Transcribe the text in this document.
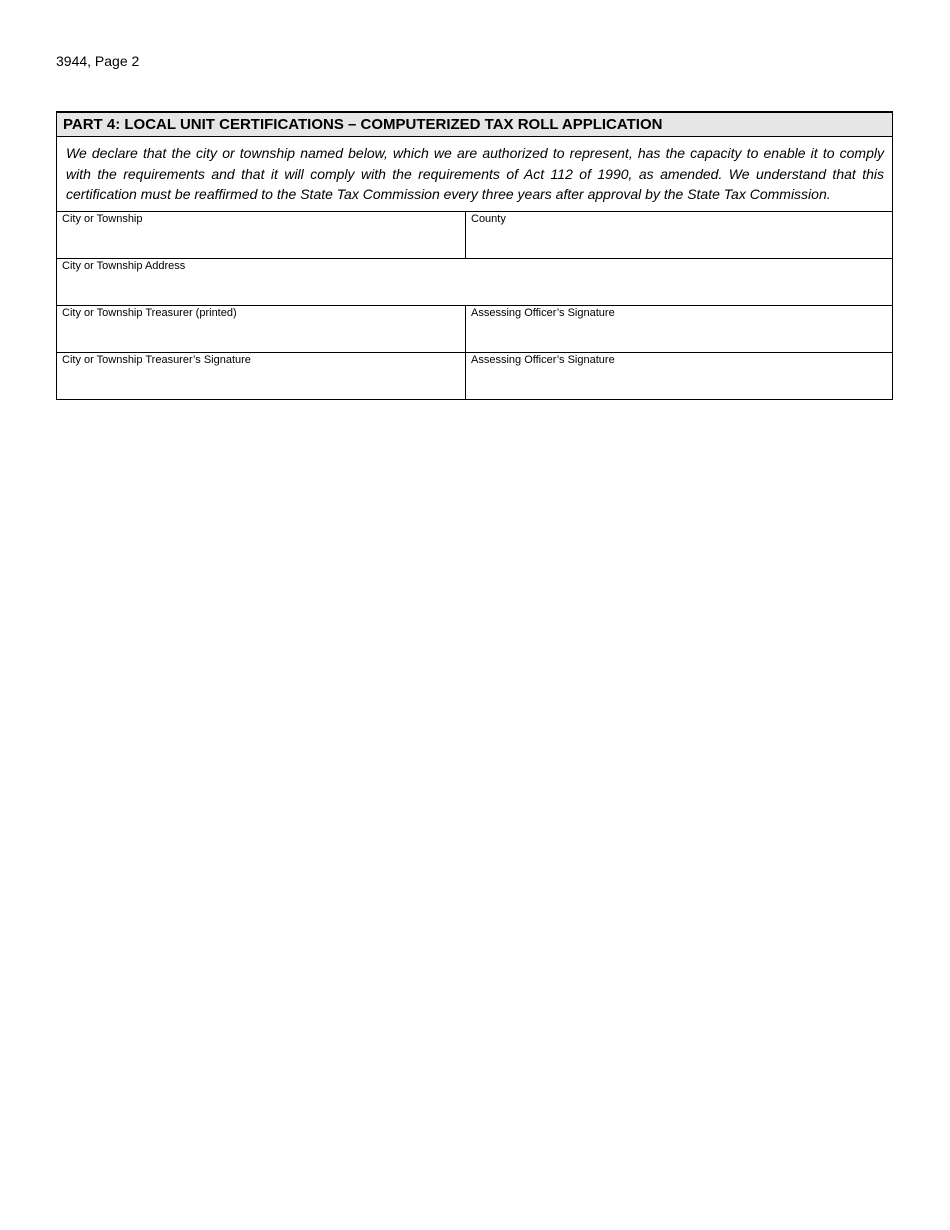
3944, Page 2
PART 4: LOCAL UNIT CERTIFICATIONS – COMPUTERIZED TAX ROLL APPLICATION
We declare that the city or township named below, which we are authorized to represent, has the capacity to enable it to comply with the requirements and that it will comply with the requirements of Act 112 of 1990, as amended. We understand that this certification must be reaffirmed to the State Tax Commission every three years after approval by the State Tax Commission.
City or Township	County
City or Township Address
City or Township Treasurer (printed)	Assessing Officer’s Signature
City or Township Treasurer’s Signature	Assessing Officer’s Signature
